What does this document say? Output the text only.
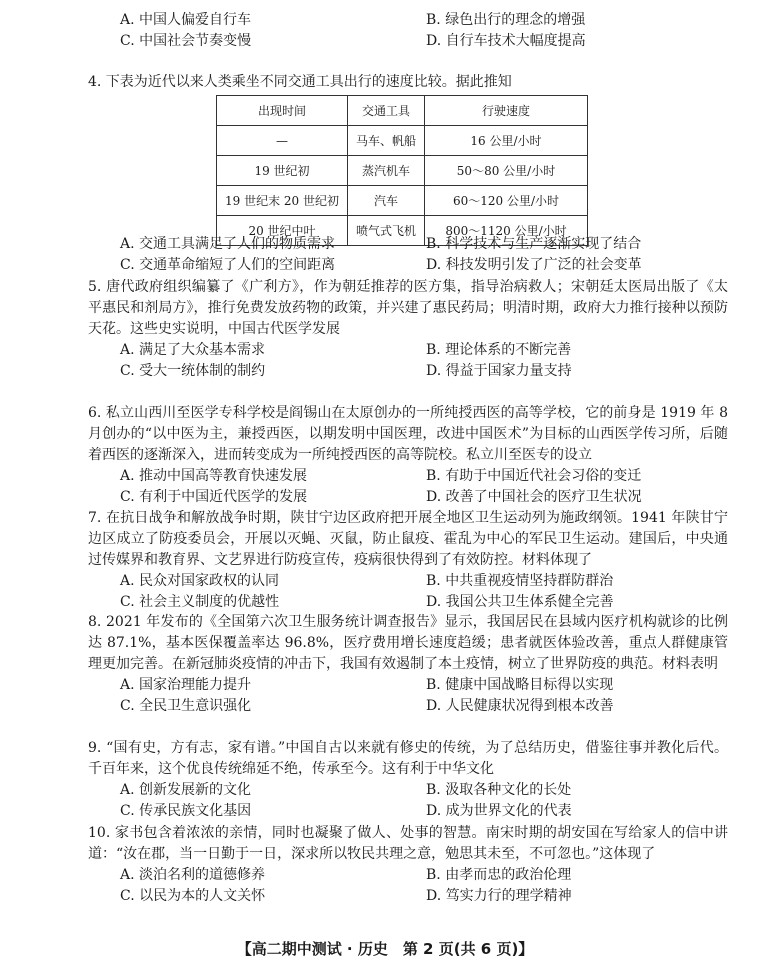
A. 中国人偏爱自行车	B. 绿色出行的理念的增强
C. 中国社会节奏变慢	D. 自行车技术大幅度提高

4. 下表为近代以来人类乘坐不同交通工具出行的速度比较。据此推知

出现时间	交通工具	行驶速度
—	马车、帆船	16 公里/小时
19 世纪初	蒸汽机车	50～80 公里/小时
19 世纪末 20 世纪初	汽车	60～120 公里/小时
20 世纪中叶	喷气式飞机	800～1120 公里/小时
A. 交通工具满足了人们的物质需求	B. 科学技术与生产逐渐实现了结合
C. 交通革命缩短了人们的空间距离	D. 科技发明引发了广泛的社会变革

5. 唐代政府组织编纂了《广利方》，作为朝廷推荐的医方集，指导治病救人；宋朝廷太医局出版了《太平惠民和剂局方》，推行免费发放药物的政策，并兴建了惠民药局；明清时期，政府大力推行接种以预防天花。这些史实说明，中国古代医学发展

A. 满足了大众基本需求	B. 理论体系的不断完善
C. 受大一统体制的制约	D. 得益于国家力量支持

6. 私立山西川至医学专科学校是阎锡山在太原创办的一所纯授西医的高等学校，它的前身是 1919 年 8 月创办的“以中医为主，兼授西医，以期发明中国医理，改进中国医术”为目标的山西医学传习所，后随着西医的逐渐深入，进而转变成为一所纯授西医的高等院校。私立川至医专的设立

A. 推动中国高等教育快速发展	B. 有助于中国近代社会习俗的变迁
C. 有利于中国近代医学的发展	D. 改善了中国社会的医疗卫生状况

7. 在抗日战争和解放战争时期，陕甘宁边区政府把开展全地区卫生运动列为施政纲领。1941 年陕甘宁边区成立了防疫委员会，开展以灭蝇、灭鼠，防止鼠疫、霍乱为中心的军民卫生运动。建国后，中央通过传媒界和教育界、文艺界进行防疫宣传，疫病很快得到了有效防控。材料体现了

A. 民众对国家政权的认同	B. 中共重视疫情坚持群防群治
C. 社会主义制度的优越性	D. 我国公共卫生体系健全完善

8. 2021 年发布的《全国第六次卫生服务统计调查报告》显示，我国居民在县域内医疗机构就诊的比例达 87.1%，基本医保覆盖率达 96.8%，医疗费用增长速度趋缓；患者就医体验改善，重点人群健康管理更加完善。在新冠肺炎疫情的冲击下，我国有效遏制了本土疫情，树立了世界防疫的典范。材料表明

A. 国家治理能力提升	B. 健康中国战略目标得以实现
C. 全民卫生意识强化	D. 人民健康状况得到根本改善

9. “国有史，方有志，家有谱。”中国自古以来就有修史的传统，为了总结历史，借鉴往事并教化后代。千百年来，这个优良传统绵延不绝，传承至今。这有利于中华文化

A. 创新发展新的文化	B. 汲取各种文化的长处
C. 传承民族文化基因	D. 成为世界文化的代表

10. 家书包含着浓浓的亲情，同时也凝聚了做人、处事的智慧。南宋时期的胡安国在写给家人的信中讲道：“汝在郡，当一日勤于一日，深求所以牧民共理之意，勉思其未至，不可忽也。”这体现了

A. 淡泊名利的道德修养	B. 由孝而忠的政治伦理
C. 以民为本的人文关怀	D. 笃实力行的理学精神
【高二期中测试 · 历史　第 2 页(共 6 页)】
